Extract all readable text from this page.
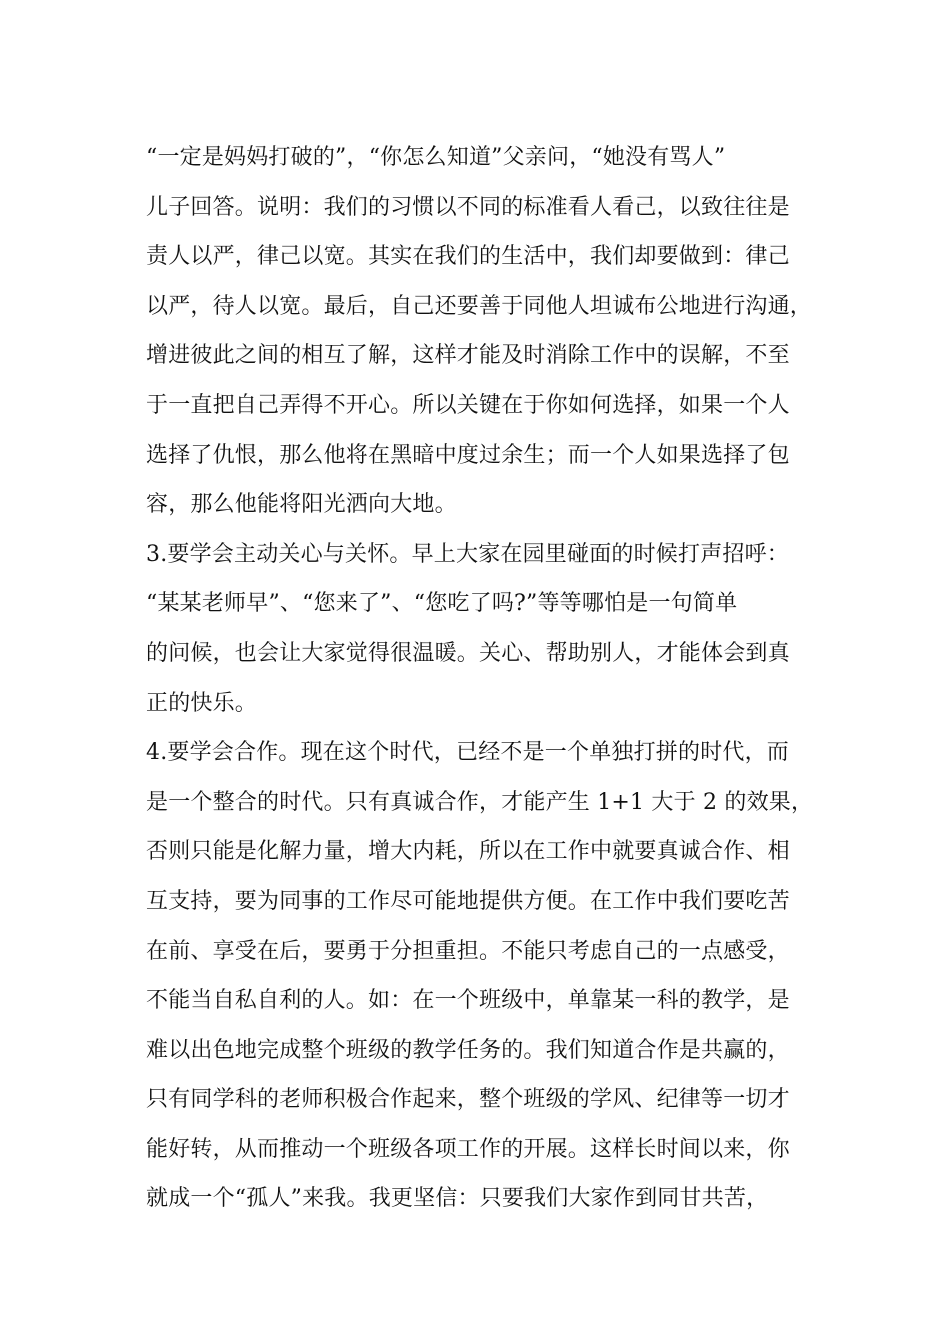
“一定是妈妈打破的”，“你怎么知道”父亲问，“她没有骂人”
儿子回答。说明：我们的习惯以不同的标准看人看己，以致往往是
责人以严，律己以宽。其实在我们的生活中，我们却要做到：律己
以严，待人以宽。最后，自己还要善于同他人坦诚布公地进行沟通，
增进彼此之间的相互了解，这样才能及时消除工作中的误解，不至
于一直把自己弄得不开心。所以关键在于你如何选择，如果一个人
选择了仇恨，那么他将在黑暗中度过余生；而一个人如果选择了包
容，那么他能将阳光洒向大地。
3.要学会主动关心与关怀。早上大家在园里碰面的时候打声招呼：
“某某老师早”、“您来了”、“您吃了吗?”等等哪怕是一句简单
的问候，也会让大家觉得很温暖。关心、帮助别人，才能体会到真
正的快乐。
4.要学会合作。现在这个时代，已经不是一个单独打拼的时代，而
是一个整合的时代。只有真诚合作，才能产生 1+1 大于 2 的效果，
否则只能是化解力量，增大内耗，所以在工作中就要真诚合作、相
互支持，要为同事的工作尽可能地提供方便。在工作中我们要吃苦
在前、享受在后，要勇于分担重担。不能只考虑自己的一点感受，
不能当自私自利的人。如：在一个班级中，单靠某一科的教学，是
难以出色地完成整个班级的教学任务的。我们知道合作是共赢的，
只有同学科的老师积极合作起来，整个班级的学风、纪律等一切才
能好转，从而推动一个班级各项工作的开展。这样长时间以来，你
就成一个“孤人”来我。我更坚信：只要我们大家作到同甘共苦，
